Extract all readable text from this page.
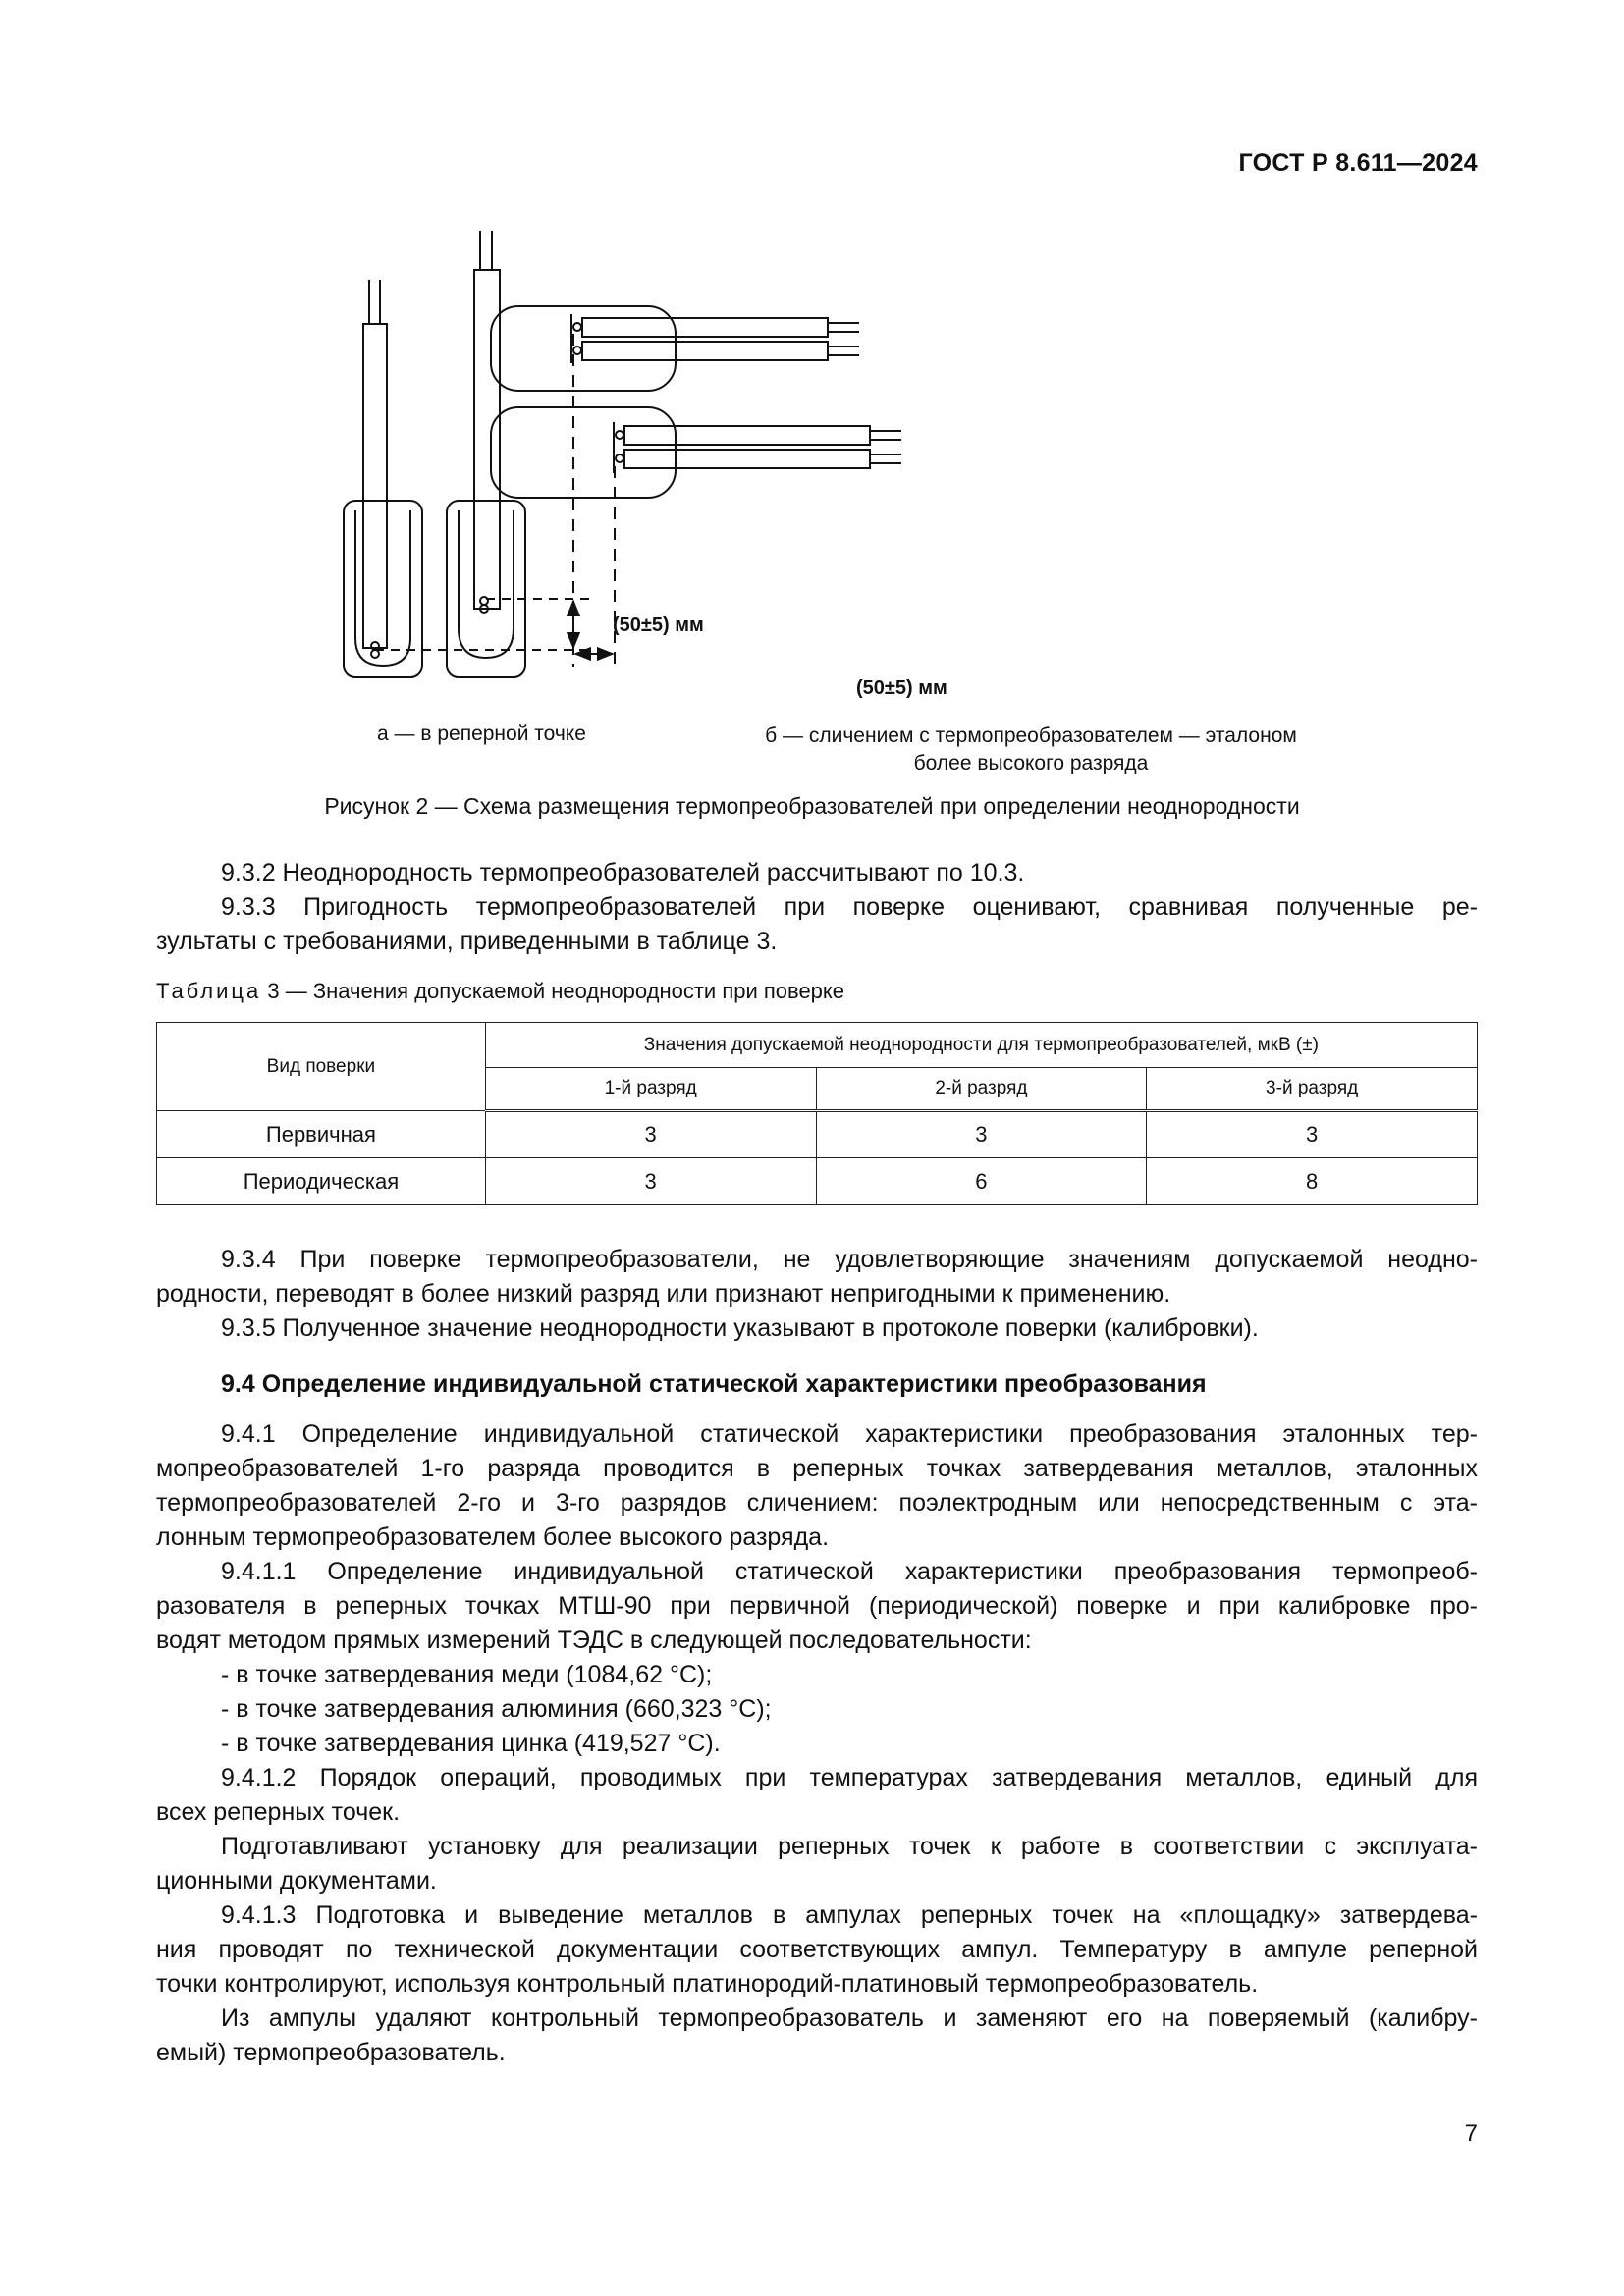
ГОСТ Р 8.611—2024
(50±5) мм
(50±5) мм
а — в реперной точке	б — сличением с термопреобразователем — эталоном
более высокого разряда
Рисунок 2 — Схема размещения термопреобразователей при определении неоднородности
9.3.2 Неоднородность термопреобразователей рассчитывают по 10.3.
9.3.3 Пригодность термопреобразователей при поверке оценивают, сравнивая полученные ре-
зультаты с требованиями, приведенными в таблице 3.
Таблица 3 — Значения допускаемой неоднородности при поверке
Вид поверки	Значения допускаемой неоднородности для термопреобразователей, мкВ (±)		
	1-й разряд	2-й разряд	3-й разряд
Первичная	3	3	3
Периодическая	3	6	8
9.3.4 При поверке термопреобразователи, не удовлетворяющие значениям допускаемой неодно-
родности, переводят в более низкий разряд или признают непригодными к применению.
9.3.5 Полученное значение неоднородности указывают в протоколе поверки (калибровки).
9.4 Определение индивидуальной статической характеристики преобразования
9.4.1 Определение индивидуальной статической характеристики преобразования эталонных тер-
мопреобразователей 1-го разряда проводится в реперных точках затвердевания металлов, эталонных
термопреобразователей 2-го и 3-го разрядов сличением: поэлектродным или непосредственным с эта-
лонным термопреобразователем более высокого разряда.
9.4.1.1 Определение индивидуальной статической характеристики преобразования термопреоб-
разователя в реперных точках МТШ-90 при первичной (периодической) поверке и при калибровке про-
водят методом прямых измерений ТЭДС в следующей последовательности:
- в точке затвердевания меди (1084,62 °C);
- в точке затвердевания алюминия (660,323 °C);
- в точке затвердевания цинка (419,527 °C).
9.4.1.2 Порядок операций, проводимых при температурах затвердевания металлов, единый для
всех реперных точек.
Подготавливают установку для реализации реперных точек к работе в соответствии с эксплуата-
ционными документами.
9.4.1.3 Подготовка и выведение металлов в ампулах реперных точек на «площадку» затвердева-
ния проводят по технической документации соответствующих ампул. Температуру в ампуле реперной
точки контролируют, используя контрольный платинородий-платиновый термопреобразователь.
Из ампулы удаляют контрольный термопреобразователь и заменяют его на поверяемый (калибру-
емый) термопреобразователь.
7
